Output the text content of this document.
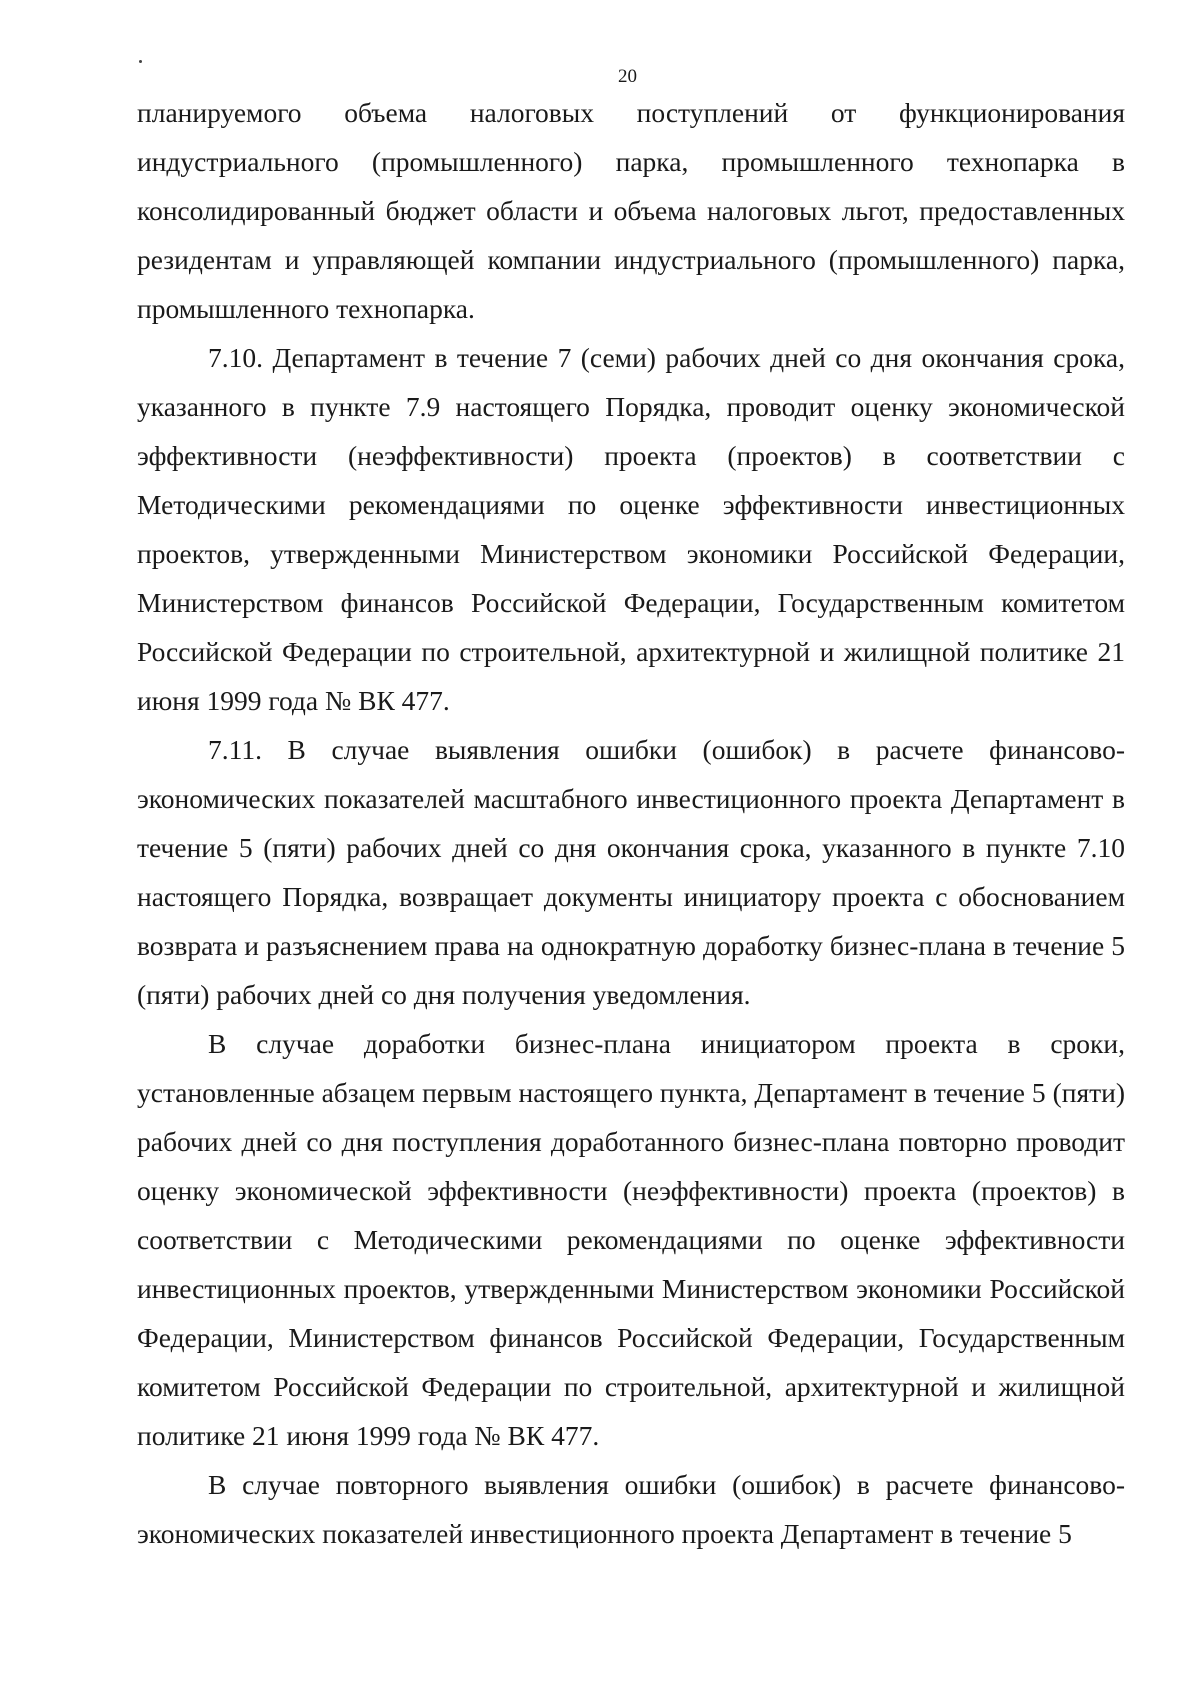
20

планируемого объема налоговых поступлений от функционирования индустриального (промышленного) парка, промышленного технопарка в консолидированный бюджет области и объема налоговых льгот, предоставленных резидентам и управляющей компании индустриального (промышленного) парка, промышленного технопарка.

7.10. Департамент в течение 7 (семи) рабочих дней со дня окончания срока, указанного в пункте 7.9 настоящего Порядка, проводит оценку экономической эффективности (неэффективности) проекта (проектов) в соответствии с Методическими рекомендациями по оценке эффективности инвестиционных проектов, утвержденными Министерством экономики Российской Федерации, Министерством финансов Российской Федерации, Государственным комитетом Российской Федерации по строительной, архитектурной и жилищной политике 21 июня 1999 года № ВК 477.

7.11. В случае выявления ошибки (ошибок) в расчете финансово-экономических показателей масштабного инвестиционного проекта Департамент в течение 5 (пяти) рабочих дней со дня окончания срока, указанного в пункте 7.10 настоящего Порядка, возвращает документы инициатору проекта с обоснованием возврата и разъяснением права на однократную доработку бизнес-плана в течение 5 (пяти) рабочих дней со дня получения уведомления.

В случае доработки бизнес-плана инициатором проекта в сроки, установленные абзацем первым настоящего пункта, Департамент в течение 5 (пяти) рабочих дней со дня поступления доработанного бизнес-плана повторно проводит оценку экономической эффективности (неэффективности) проекта (проектов) в соответствии с Методическими рекомендациями по оценке эффективности инвестиционных проектов, утвержденными Министерством экономики Российской Федерации, Министерством финансов Российской Федерации, Государственным комитетом Российской Федерации по строительной, архитектурной и жилищной политике 21 июня 1999 года № ВК 477.

В случае повторного выявления ошибки (ошибок) в расчете финансово-экономических показателей инвестиционного проекта Департамент в течение 5
